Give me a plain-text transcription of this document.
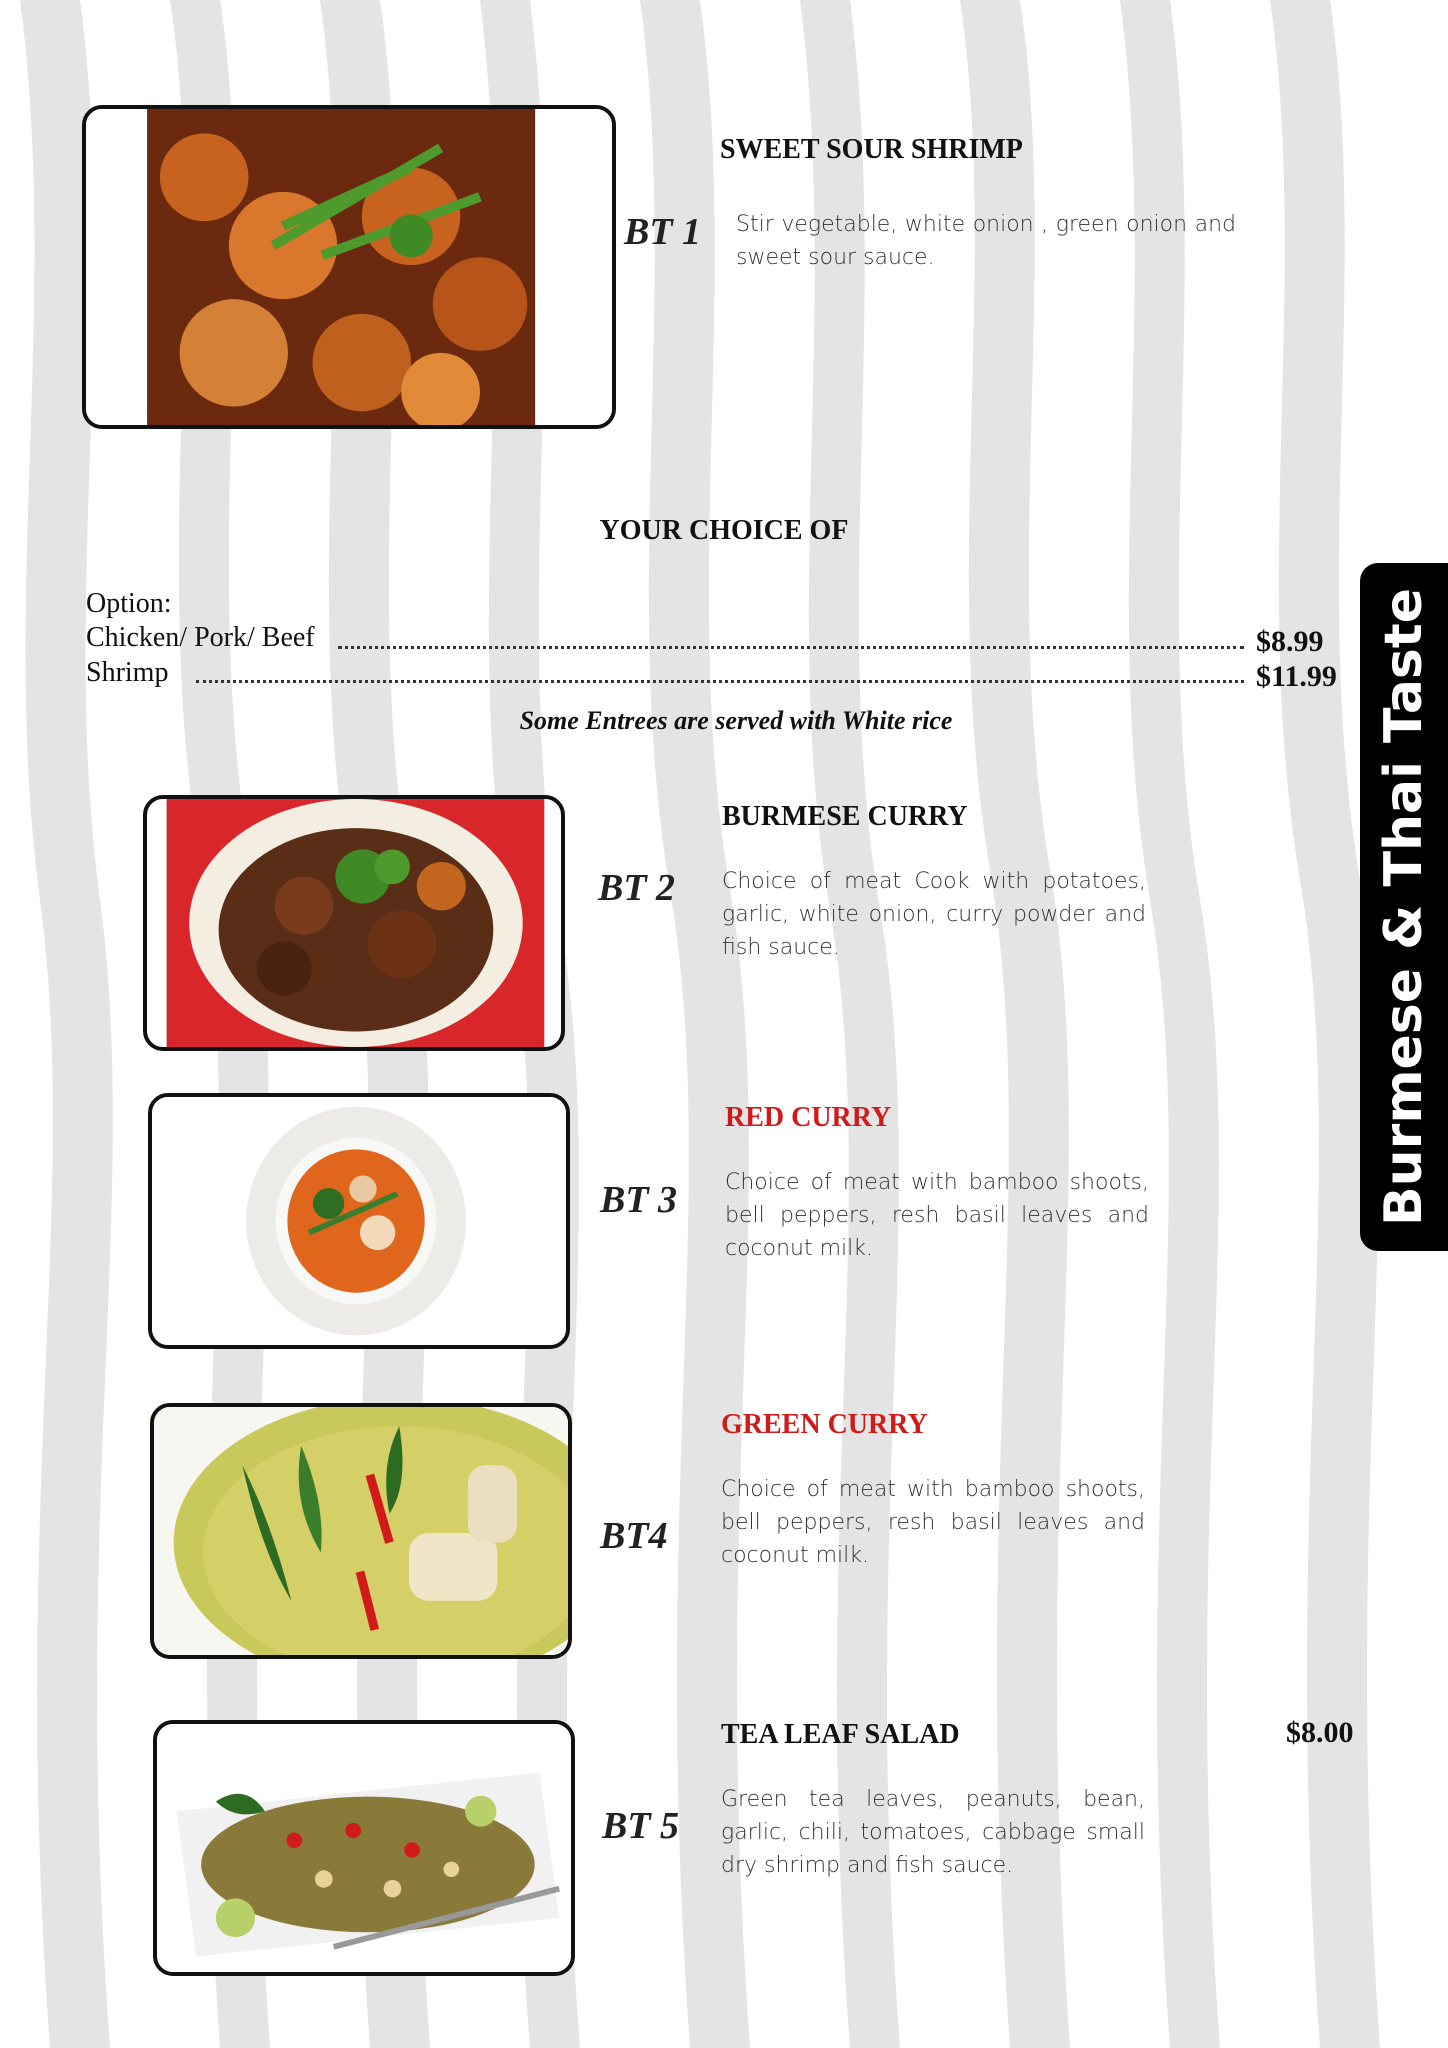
Burmese & Thai Taste
BT 1
SWEET SOUR SHRIMP
Stir vegetable, white onion , green onion and sweet sour sauce.
YOUR CHOICE OF
Option:
Chicken/ Pork/ Beef	$8.99
Shrimp	$11.99
Some Entrees are served with White rice
BT 2
BURMESE CURRY
Choice of meat Cook with potatoes, garlic, white onion, curry powder and fish sauce.
BT 3
RED CURRY
Choice of meat with bamboo shoots, bell peppers, resh basil leaves and coconut milk.
BT4
GREEN CURRY
Choice of meat with bamboo shoots, bell peppers, resh basil leaves and coconut milk.
BT 5
TEA LEAF SALAD	$8.00
Green tea leaves, peanuts, bean, garlic, chili, tomatoes, cabbage small dry shrimp and fish sauce.
